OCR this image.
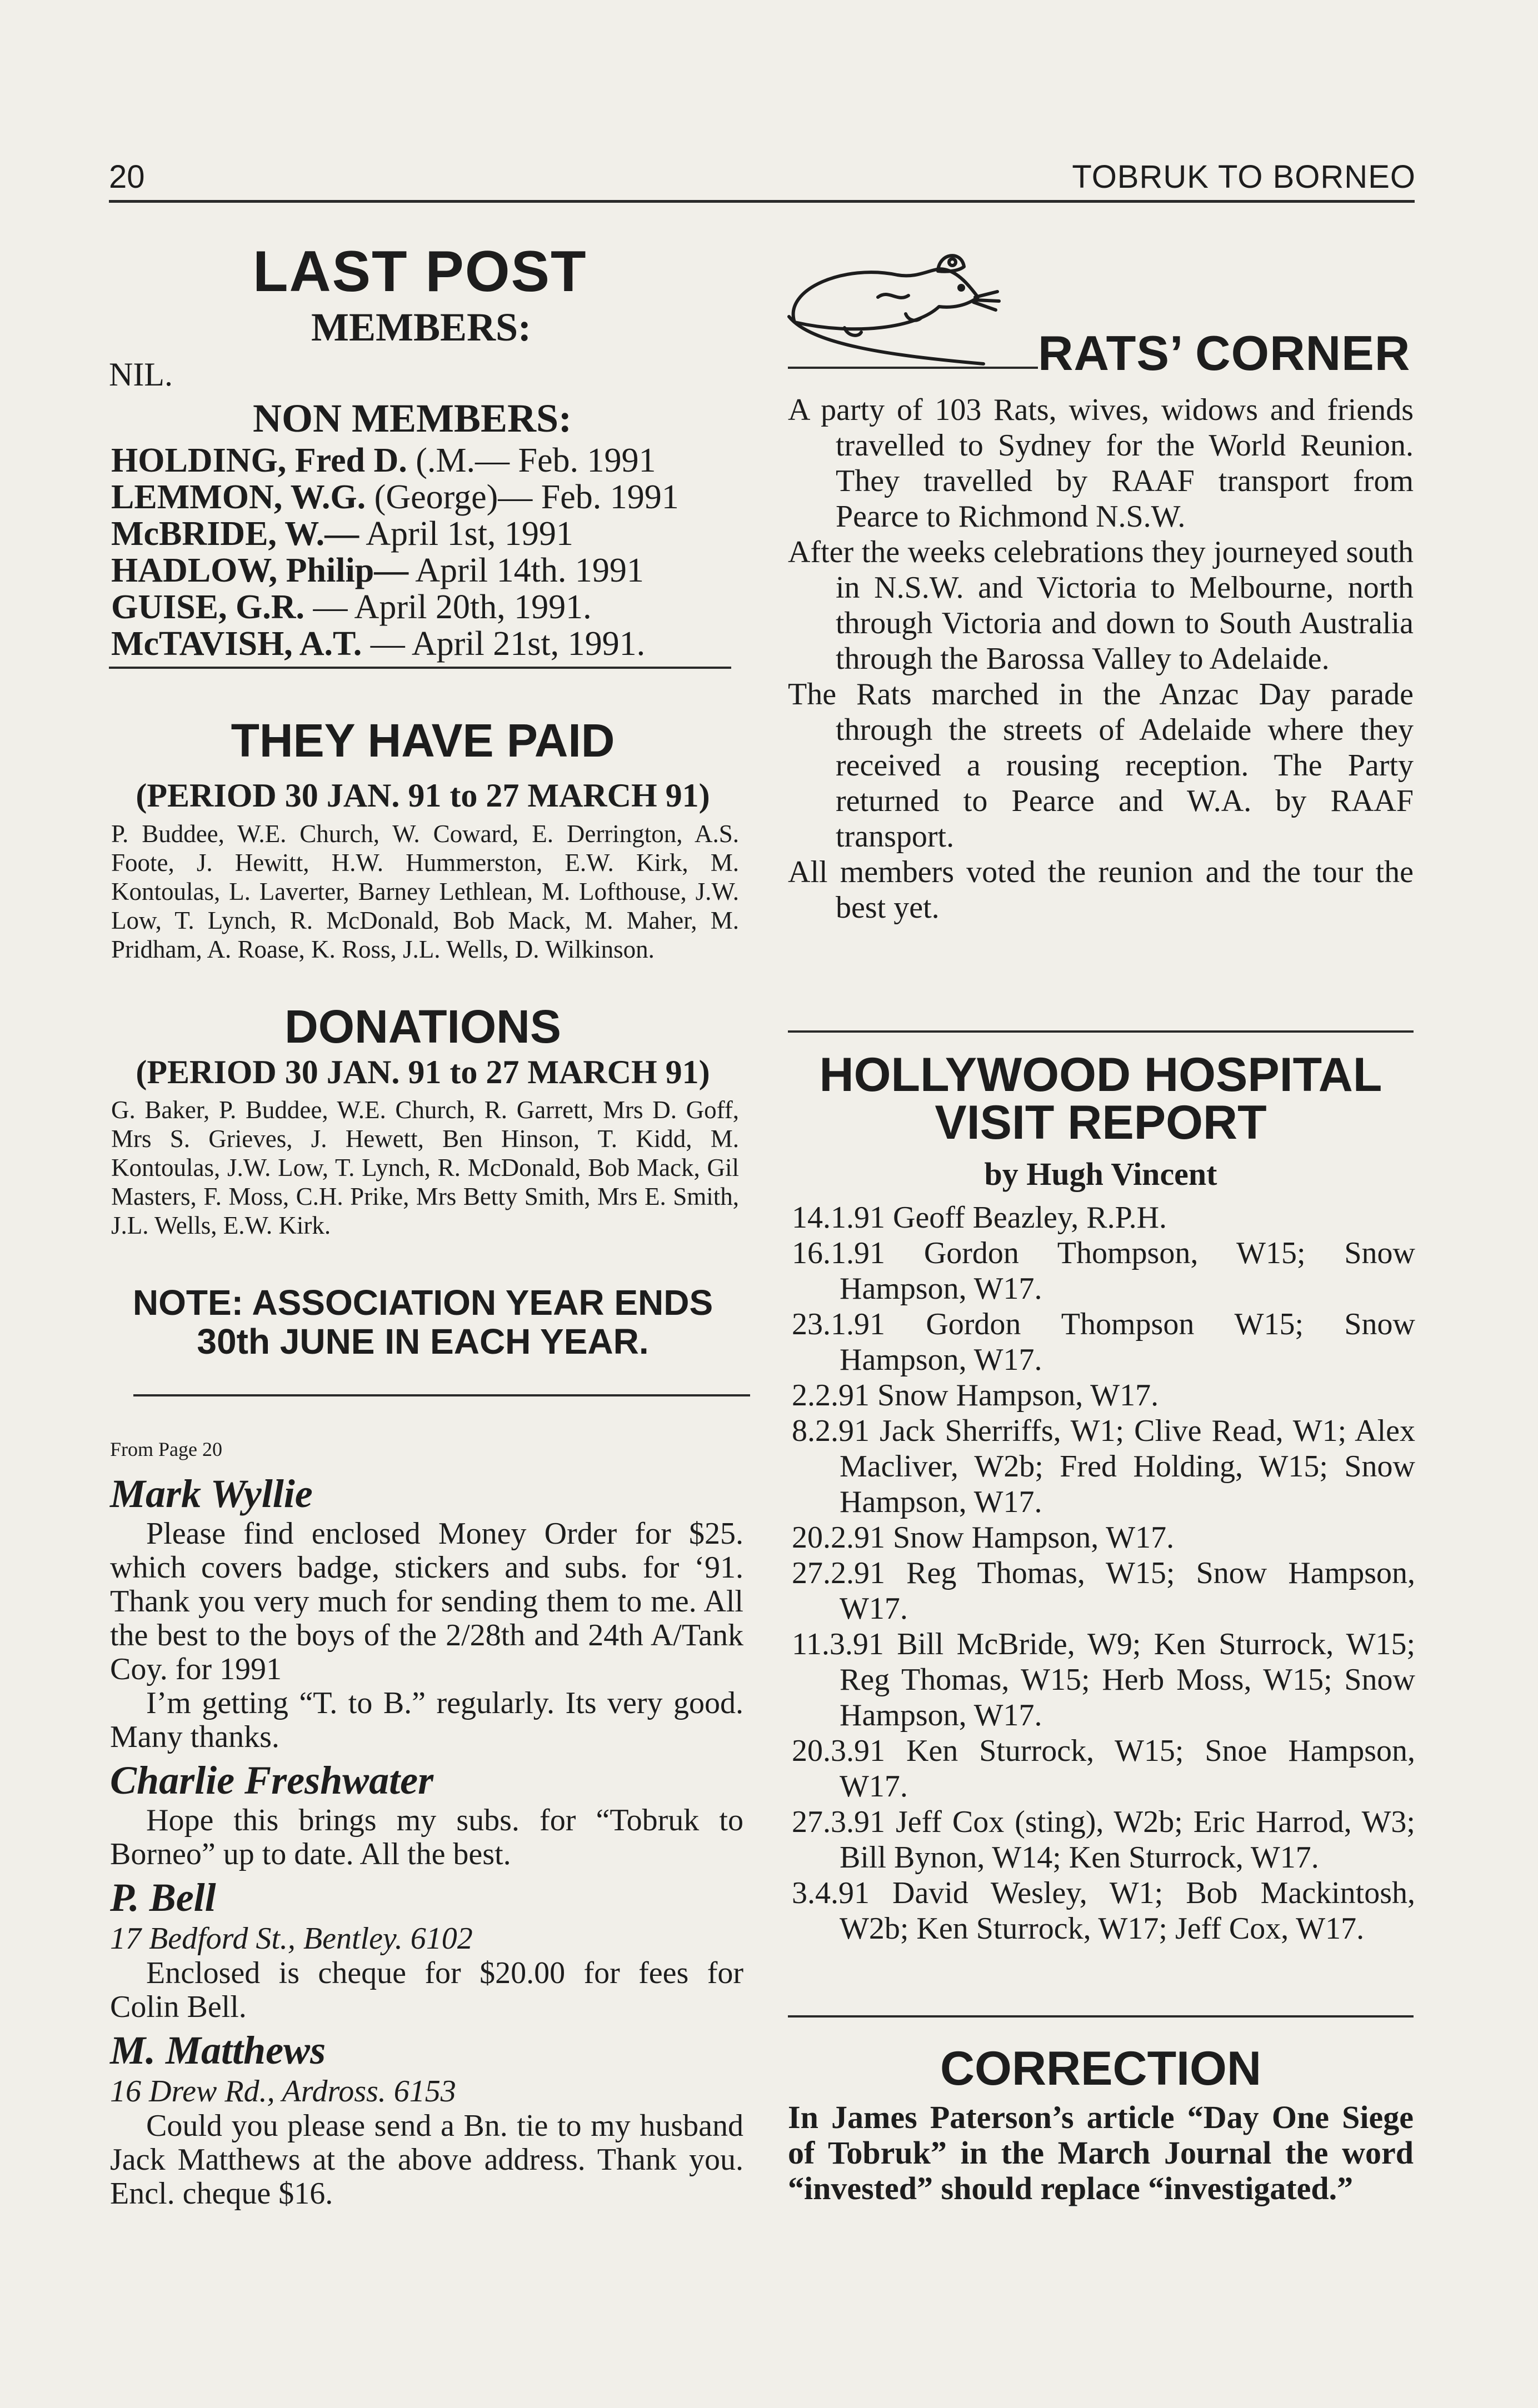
20	TOBRUK TO BORNEO
LAST POST
MEMBERS:
NIL.
NON MEMBERS:
HOLDING, Fred D. (.M.— Feb. 1991
LEMMON, W.G. (George)— Feb. 1991
McBRIDE, W.— April 1st, 1991
HADLOW, Philip— April 14th. 1991
GUISE, G.R. — April 20th, 1991.
McTAVISH, A.T. — April 21st, 1991.
THEY HAVE PAID
(PERIOD 30 JAN. 91 to 27 MARCH 91)
P. Buddee, W.E. Church, W. Coward, E. Derrington, A.S. Foote, J. Hewitt, H.W. Hummerston, E.W. Kirk, M. Kontoulas, L. Laverter, Barney Lethlean, M. Lofthouse, J.W. Low, T. Lynch, R. McDonald, Bob Mack, M. Maher, M. Pridham, A. Roase, K. Ross, J.L. Wells, D. Wilkinson.
DONATIONS
(PERIOD 30 JAN. 91 to 27 MARCH 91)
G. Baker, P. Buddee, W.E. Church, R. Garrett, Mrs D. Goff, Mrs S. Grieves, J. Hewett, Ben Hinson, T. Kidd, M. Kontoulas, J.W. Low, T. Lynch, R. McDonald, Bob Mack, Gil Masters, F. Moss, C.H. Prike, Mrs Betty Smith, Mrs E. Smith, J.L. Wells, E.W. Kirk.
NOTE: ASSOCIATION YEAR ENDS 30th JUNE IN EACH YEAR.
From Page 20
Mark Wyllie

Please find enclosed Money Order for $25. which covers badge, stickers and subs. for ‘91. Thank you very much for sending them to me. All the best to the boys of the 2/28th and 24th A/Tank Coy. for 1991

I’m getting “T. to B.” regularly. Its very good. Many thanks.

Charlie Freshwater

Hope this brings my subs. for “Tobruk to Borneo” up to date. All the best.

P. Bell
17 Bedford St., Bentley. 6102

Enclosed is cheque for $20.00 for fees for Colin Bell.

M. Matthews
16 Drew Rd., Ardross. 6153

Could you please send a Bn. tie to my husband Jack Matthews at the above address. Thank you. Encl. cheque $16.

RATS’ CORNER

A party of 103 Rats, wives, widows and friends travelled to Sydney for the World Reunion. They travelled by RAAF transport from Pearce to Richmond N.S.W.

After the weeks celebrations they journeyed south in N.S.W. and Victoria to Melbourne, north through Victoria and down to South Australia through the Barossa Valley to Adelaide.

The Rats marched in the Anzac Day parade through the streets of Adelaide where they received a rousing reception. The Party returned to Pearce and W.A. by RAAF transport.

All members voted the reunion and the tour the best yet.

HOLLYWOOD HOSPITAL
VISIT REPORT
by Hugh Vincent

14.1.91 Geoff Beazley, R.P.H.

16.1.91 Gordon Thompson, W15; Snow Hampson, W17.

23.1.91 Gordon Thompson W15; Snow Hampson, W17.

2.2.91 Snow Hampson, W17.

8.2.91 Jack Sherriffs, W1; Clive Read, W1; Alex Macliver, W2b; Fred Holding, W15; Snow Hampson, W17.

20.2.91 Snow Hampson, W17.

27.2.91 Reg Thomas, W15; Snow Hampson, W17.

11.3.91 Bill McBride, W9; Ken Sturrock, W15; Reg Thomas, W15; Herb Moss, W15; Snow Hampson, W17.

20.3.91 Ken Sturrock, W15; Snoe Hampson, W17.

27.3.91 Jeff Cox (sting), W2b; Eric Harrod, W3; Bill Bynon, W14; Ken Sturrock, W17.

3.4.91 David Wesley, W1; Bob Mackintosh, W2b; Ken Sturrock, W17; Jeff Cox, W17.

CORRECTION
In James Paterson’s article “Day One Siege of Tobruk” in the March Journal the word “invested” should replace “investigated.”
